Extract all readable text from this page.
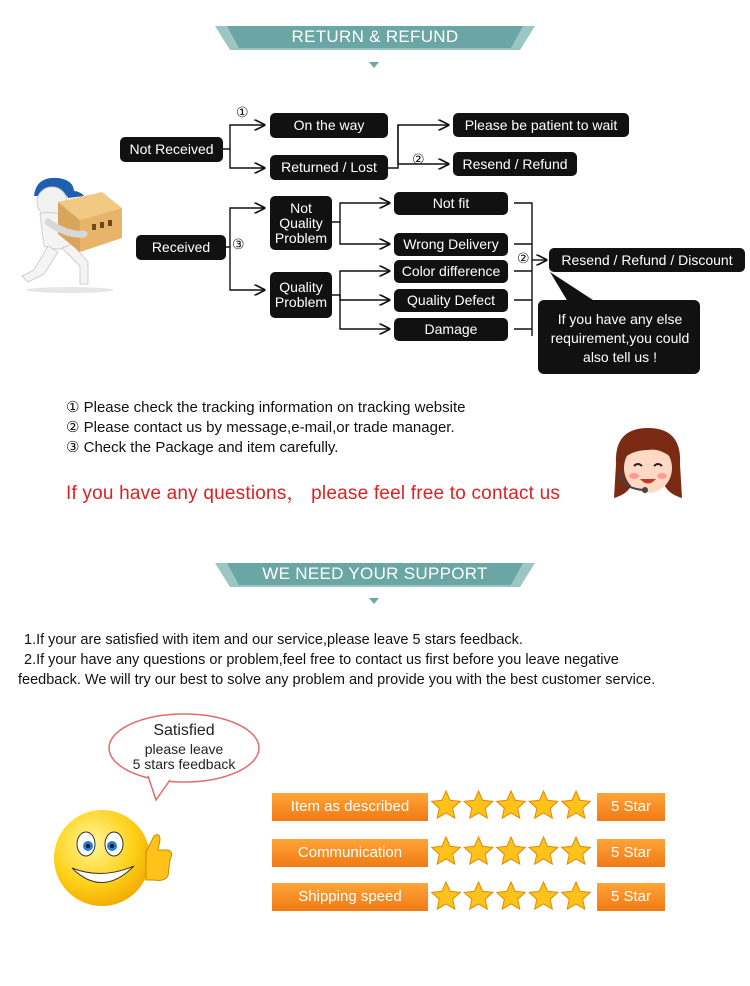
RETURN & REFUND
①
②
③
②
Not Received
On the way
Returned / Lost
Please be patient to wait
Resend / Refund
Received
Not
Quality
Problem
Quality
Problem
Not fit
Wrong Delivery
Color difference
Quality Defect
Damage
Resend / Refund / Discount
If you have any else requirement,you could also tell us !
① Please check the tracking information on tracking website
② Please contact us by message,e-mail,or trade manager.
③ Check the Package and item carefully.
If you have any questions， please feel free to contact us
WE NEED YOUR SUPPORT
1.If your are satisfied with item and our service,please leave 5 stars feedback.
2.If your have any questions or problem,feel free to contact us first before you leave negative
feedback. We will try our best to solve any problem and provide you with the best customer service.
Satisfied
please leave
5 stars feedback
Item as described	5 Star
Communication	5 Star
Shipping speed	5 Star
